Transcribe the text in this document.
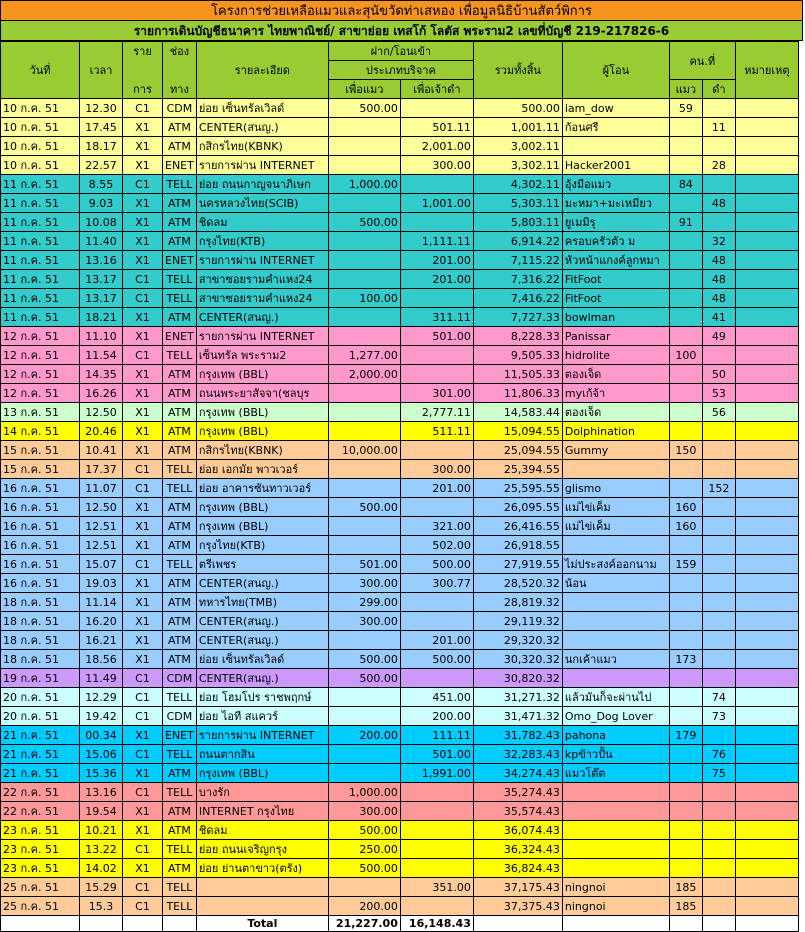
โครงการช่วยเหลือแมวและสุนัขวัดท่าเสหอง เพื่อมูลนิธิบ้านสัตว์พิการ
รายการเดินบัญชีธนาคาร ไทยพาณิชย์/ สาขาย่อย เทสโก้ โลตัส พระราม2 เลขที่บัญชี 219-217826-6
วันที่	เวลา	ราย	ช่อง	รายละเอียด	ฝาก/โอนเข้า		รวมทั้งสิ้น	ผู้โอน	คน.ที่		หมายเหตุ
					ประเภทบริจาค						
		การ	ทาง		เพื่อแมว	เพื่อเจ้าดำ			แมว	ดำ	
10 ก.ค. 51	12.30	C1	CDM	ย่อย เซ็นทรัลเวิลด์	500.00		500.00	iam_dow	59		
10 ก.ค. 51	17.45	X1	ATM	CENTER(สนญ.)		501.11	1,001.11	ก้อนศรี		11	
10 ก.ค. 51	18.17	X1	ATM	กสิกรไทย(KBNK)		2,001.00	3,002.11				
10 ก.ค. 51	22.57	X1	ENET	รายการผ่าน INTERNET		300.00	3,302.11	Hacker2001		28	
11 ก.ค. 51	8.55	C1	TELL	ย่อย ถนนกาญจนาภิเษก	1,000.00		4,302.11	อุ้งมือแมว	84		
11 ก.ค. 51	9.03	X1	ATM	นครหลวงไทย(SCIB)		1,001.00	5,303.11	มะหมา+มะเหมียว		48	
11 ก.ค. 51	10.08	X1	ATM	ชิดลม	500.00		5,803.11	ยูเมมิรุ	91		
11 ก.ค. 51	11.40	X1	ATM	กรุงไทย(KTB)		1,111.11	6,914.22	ครอบครัวตัว ม		32	
11 ก.ค. 51	13.16	X1	ENET	รายการผ่าน INTERNET		201.00	7,115.22	หัวหน้าแกงค์ลูกหมา		48	
11 ก.ค. 51	13.17	C1	TELL	สาขาซอยรามคำแหง24		201.00	7,316.22	FitFoot		48	
11 ก.ค. 51	13.17	C1	TELL	สาขาซอยรามคำแหง24	100.00		7,416.22	FitFoot		48	
11 ก.ค. 51	18.21	X1	ATM	CENTER(สนญ.)		311.11	7,727.33	bowlman		41	
12 ก.ค. 51	11.10	X1	ENET	รายการผ่าน INTERNET		501.00	8,228.33	Panissar		49	
12 ก.ค. 51	11.54	C1	TELL	เซ็นทรัล พระราม2	1,277.00		9,505.33	hidrolite	100		
12 ก.ค. 51	14.35	X1	ATM	กรุงเทพ (BBL)	2,000.00		11,505.33	ตองเจ็ด		50	
12 ก.ค. 51	16.26	X1	ATM	ถนนพระยาสัจจา(ชลบุร		301.00	11,806.33	myเก้จ้า		53	
13 ก.ค. 51	12.50	X1	ATM	กรุงเทพ (BBL)		2,777.11	14,583.44	ตองเจ็ด		56	
14 ก.ค. 51	20.46	X1	ATM	กรุงเทพ (BBL)		511.11	15,094.55	Dolphination			
15 ก.ค. 51	10.41	X1	ATM	กสิกรไทย(KBNK)	10,000.00		25,094.55	Gummy	150		
15 ก.ค. 51	17.37	C1	TELL	ย่อย เอกมัย พาวเวอร์		300.00	25,394.55				
16 ก.ค. 51	11.07	C1	TELL	ย่อย อาคารซันทาวเวอร์		201.00	25,595.55	glismo		152	
16 ก.ค. 51	12.50	X1	ATM	กรุงเทพ (BBL)	500.00		26,095.55	แม่ไข่เค็ม	160		
16 ก.ค. 51	12.51	X1	ATM	กรุงเทพ (BBL)		321.00	26,416.55	แม่ไข่เค็ม	160		
16 ก.ค. 51	12.51	X1	ATM	กรุงไทย(KTB)		502.00	26,918.55				
16 ก.ค. 51	15.07	C1	TELL	ตรีเพชร	501.00	500.00	27,919.55	ไม่ประสงค์ออกนาม	159		
16 ก.ค. 51	19.03	X1	ATM	CENTER(สนญ.)	300.00	300.77	28,520.32	น้อน			
18 ก.ค. 51	11.14	X1	ATM	ทหารไทย(TMB)	299.00		28,819.32				
18 ก.ค. 51	16.20	X1	ATM	CENTER(สนญ.)	300.00		29,119.32				
18 ก.ค. 51	16.21	X1	ATM	CENTER(สนญ.)		201.00	29,320.32				
18 ก.ค. 51	18.56	X1	ATM	ย่อย เซ็นทรัลเวิลด์	500.00	500.00	30,320.32	นกเค้าแมว	173		
19 ก.ค. 51	11.49	C1	CDM	CENTER(สนญ.)	500.00		30,820.32				
20 ก.ค. 51	12.29	C1	TELL	ย่อย โฮมโปร ราชพฤกษ์		451.00	31,271.32	แล้วมันก็จะผ่านไป		74	
20 ก.ค. 51	19.42	C1	CDM	ย่อย ไอที สแควร์		200.00	31,471.32	Omo_Dog Lover		73	
21 ก.ค. 51	00.34	X1	ENET	รายการผ่าน INTERNET	200.00	111.11	31,782.43	pahona	179		
21 ก.ค. 51	15.06	C1	TELL	ถนนตากสิน		501.00	32,283.43	kpข้าวปั้น		76	
21 ก.ค. 51	15.36	X1	ATM	กรุงเทพ (BBL)		1,991.00	34,274.43	แมวโต๊ต		75	
22 ก.ค. 51	13.16	C1	TELL	บางรัก	1,000.00		35,274.43				
22 ก.ค. 51	19.54	X1	ATM	INTERNET กรุงไทย	300.00		35,574.43				
23 ก.ค. 51	10.21	X1	ATM	ชิดลม	500.00		36,074.43				
23 ก.ค. 51	13.22	C1	TELL	ย่อย ถนนเจริญกรุง	250.00		36,324.43				
23 ก.ค. 51	14.02	X1	ATM	ย่อย ย่านตาขาว(ตรัง)	500.00		36,824.43				
25 ก.ค. 51	15.29	C1	TELL			351.00	37,175.43	ningnoi	185		
25 ก.ค. 51	15.3	C1	TELL		200.00		37,375.43	ningnoi	185		
				Total	21,227.00	16,148.43					
